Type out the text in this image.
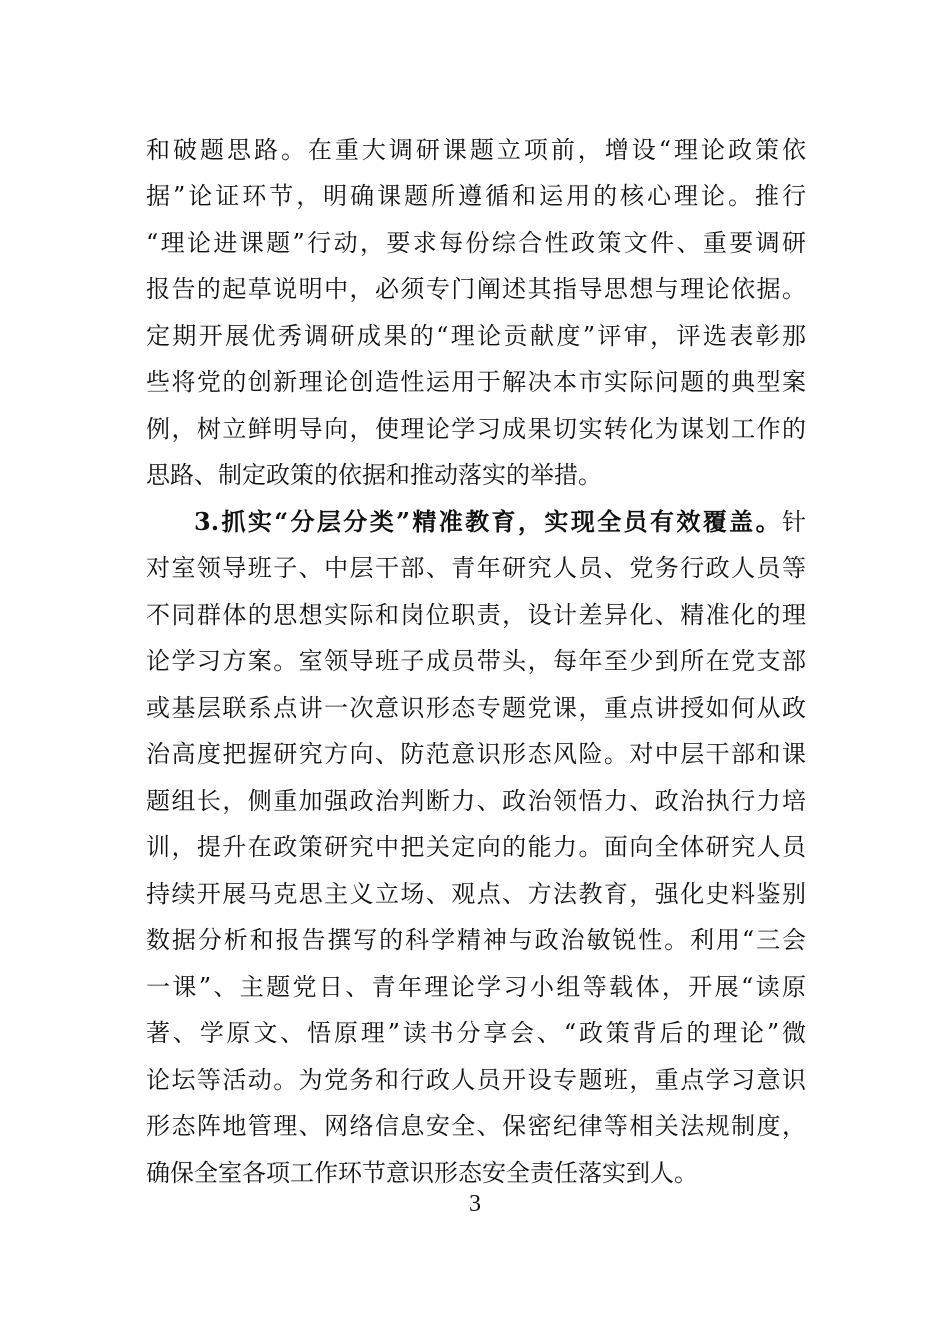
和破题思路。在重大调研课题立项前，增设“理论政策依
据”论证环节，明确课题所遵循和运用的核心理论。推行
“理论进课题”行动，要求每份综合性政策文件、重要调研
报告的起草说明中，必须专门阐述其指导思想与理论依据。
定期开展优秀调研成果的“理论贡献度”评审，评选表彰那
些将党的创新理论创造性运用于解决本市实际问题的典型案
例，树立鲜明导向，使理论学习成果切实转化为谋划工作的
思路、制定政策的依据和推动落实的举措。
3.抓实“分层分类”精准教育，实现全员有效覆盖。针
对室领导班子、中层干部、青年研究人员、党务行政人员等
不同群体的思想实际和岗位职责，设计差异化、精准化的理
论学习方案。室领导班子成员带头，每年至少到所在党支部
或基层联系点讲一次意识形态专题党课，重点讲授如何从政
治高度把握研究方向、防范意识形态风险。对中层干部和课
题组长，侧重加强政治判断力、政治领悟力、政治执行力培
训，提升在政策研究中把关定向的能力。面向全体研究人员
持续开展马克思主义立场、观点、方法教育，强化史料鉴别
数据分析和报告撰写的科学精神与政治敏锐性。利用“三会
一课”、主题党日、青年理论学习小组等载体，开展“读原
著、学原文、悟原理”读书分享会、“政策背后的理论”微
论坛等活动。为党务和行政人员开设专题班，重点学习意识
形态阵地管理、网络信息安全、保密纪律等相关法规制度，
确保全室各项工作环节意识形态安全责任落实到人。
3
